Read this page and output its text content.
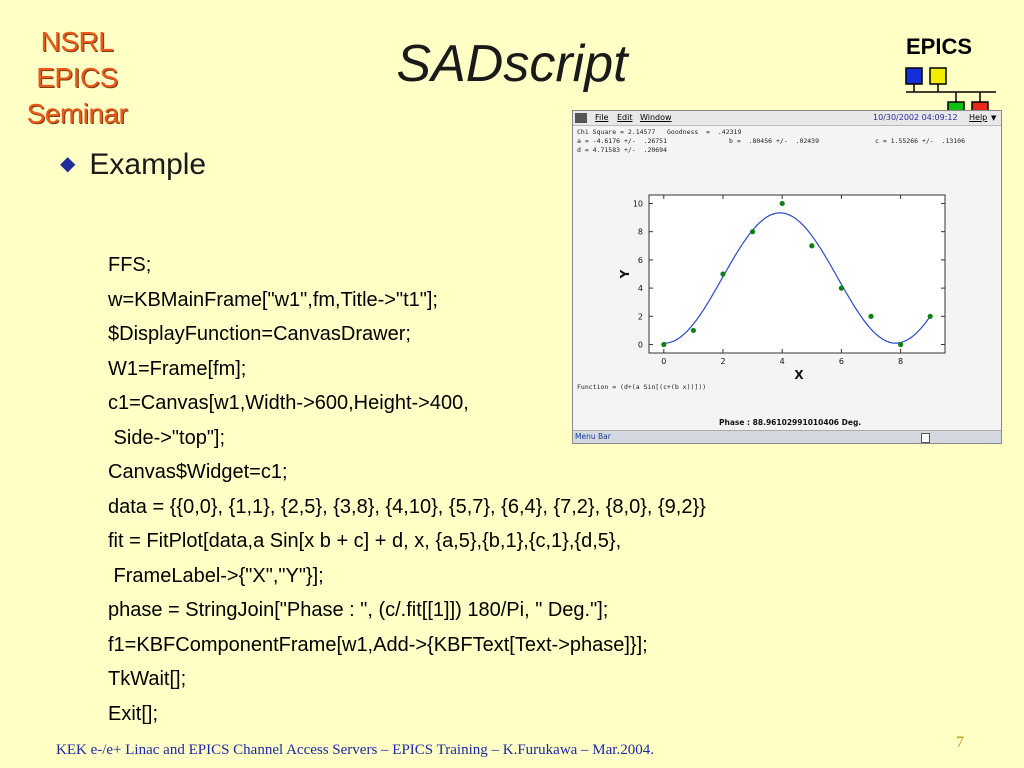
NSRL
EPICS
Seminar
SADscript	EPICS
◆ Example
FFS;
w=KBMainFrame["w1",fm,Title->"t1"];
$DisplayFunction=CanvasDrawer;
W1=Frame[fm];
c1=Canvas[w1,Width->600,Height->400,
Side->"top"];
Canvas$Widget=c1;
data = {{0,0}, {1,1}, {2,5}, {3,8}, {4,10}, {5,7}, {6,4}, {7,2}, {8,0}, {9,2}}
fit = FitPlot[data,a Sin[x b + c] + d, x, {a,5},{b,1},{c,1},{d,5},
FrameLabel->{"X","Y"}];
phase = StringJoin["Phase : ", (c/.fit[[1]]) 180/Pi, " Deg."];
f1=KBFComponentFrame[w1,Add->{KBFText[Text->phase]}];
TkWait[];
Exit[];
File Edit Window	10/30/2002 04:09:12 Help ▼
Chi Square = 2.14577   Goodness  =  .42319
a = -4.6176 +/-  .26751	b =  .80456 +/-  .02439	c = 1.55266 +/-  .13106
d = 4.71583 +/-  .20694
0	2	4	6	8
0
2
4
6
8
10
X
Y
Function = (d+(a Sin[(c+(b x))]))
Phase : 88.96102991010406 Deg.
Menu Bar
KEK e-/e+ Linac and EPICS Channel Access Servers – EPICS Training – K.Furukawa – Mar.2004.	7
